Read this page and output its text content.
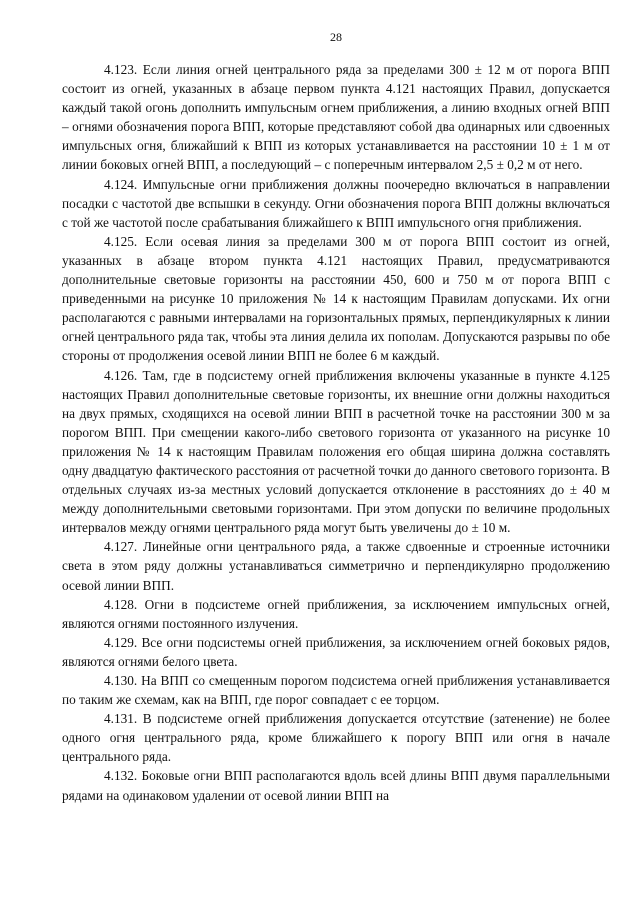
28

4.123. Если линия огней центрального ряда за пределами 300 ± 12 м от порога ВПП состоит из огней, указанных в абзаце первом пункта 4.121 настоящих Правил, допускается каждый такой огонь дополнить импульсным огнем приближения, а линию входных огней ВПП – огнями обозначения порога ВПП, которые представляют собой два одинарных или сдвоенных импульсных огня, ближайший к ВПП из которых устанавливается на расстоянии 10 ± 1 м от линии боковых огней ВПП, а последующий – с поперечным интервалом 2,5 ± 0,2 м от него.

4.124. Импульсные огни приближения должны поочередно включаться в направлении посадки с частотой две вспышки в секунду. Огни обозначения порога ВПП должны включаться с той же частотой после срабатывания ближайшего к ВПП импульсного огня приближения.

4.125. Если осевая линия за пределами 300 м от порога ВПП состоит из огней, указанных в абзаце втором пункта 4.121 настоящих Правил, предусматриваются дополнительные световые горизонты на расстоянии 450, 600 и 750 м от порога ВПП с приведенными на рисунке 10 приложения № 14 к настоящим Правилам допусками. Их огни располагаются с равными интервалами на горизонтальных прямых, перпендикулярных к линии огней центрального ряда так, чтобы эта линия делила их пополам. Допускаются разрывы по обе стороны от продолжения осевой линии ВПП не более 6 м каждый.

4.126. Там, где в подсистему огней приближения включены указанные в пункте 4.125 настоящих Правил дополнительные световые горизонты, их внешние огни должны находиться на двух прямых, сходящихся на осевой линии ВПП в расчетной точке на расстоянии 300 м за порогом ВПП. При смещении какого-либо светового горизонта от указанного на рисунке 10 приложения № 14 к настоящим Правилам положения его общая ширина должна составлять одну двадцатую фактического расстояния от расчетной точки до данного светового горизонта. В отдельных случаях из-за местных условий допускается отклонение в расстояниях до ± 40 м между дополнительными световыми горизонтами. При этом допуски по величине продольных интервалов между огнями центрального ряда могут быть увеличены до ± 10 м.

4.127. Линейные огни центрального ряда, а также сдвоенные и строенные источники света в этом ряду должны устанавливаться симметрично и перпендикулярно продолжению осевой линии ВПП.

4.128. Огни в подсистеме огней приближения, за исключением импульсных огней, являются огнями постоянного излучения.

4.129. Все огни подсистемы огней приближения, за исключением огней боковых рядов, являются огнями белого цвета.

4.130. На ВПП со смещенным порогом подсистема огней приближения устанавливается по таким же схемам, как на ВПП, где порог совпадает с ее торцом.

4.131. В подсистеме огней приближения допускается отсутствие (затенение) не более одного огня центрального ряда, кроме ближайшего к порогу ВПП или огня в начале центрального ряда.

4.132. Боковые огни ВПП располагаются вдоль всей длины ВПП двумя параллельными рядами на одинаковом удалении от осевой линии ВПП на
